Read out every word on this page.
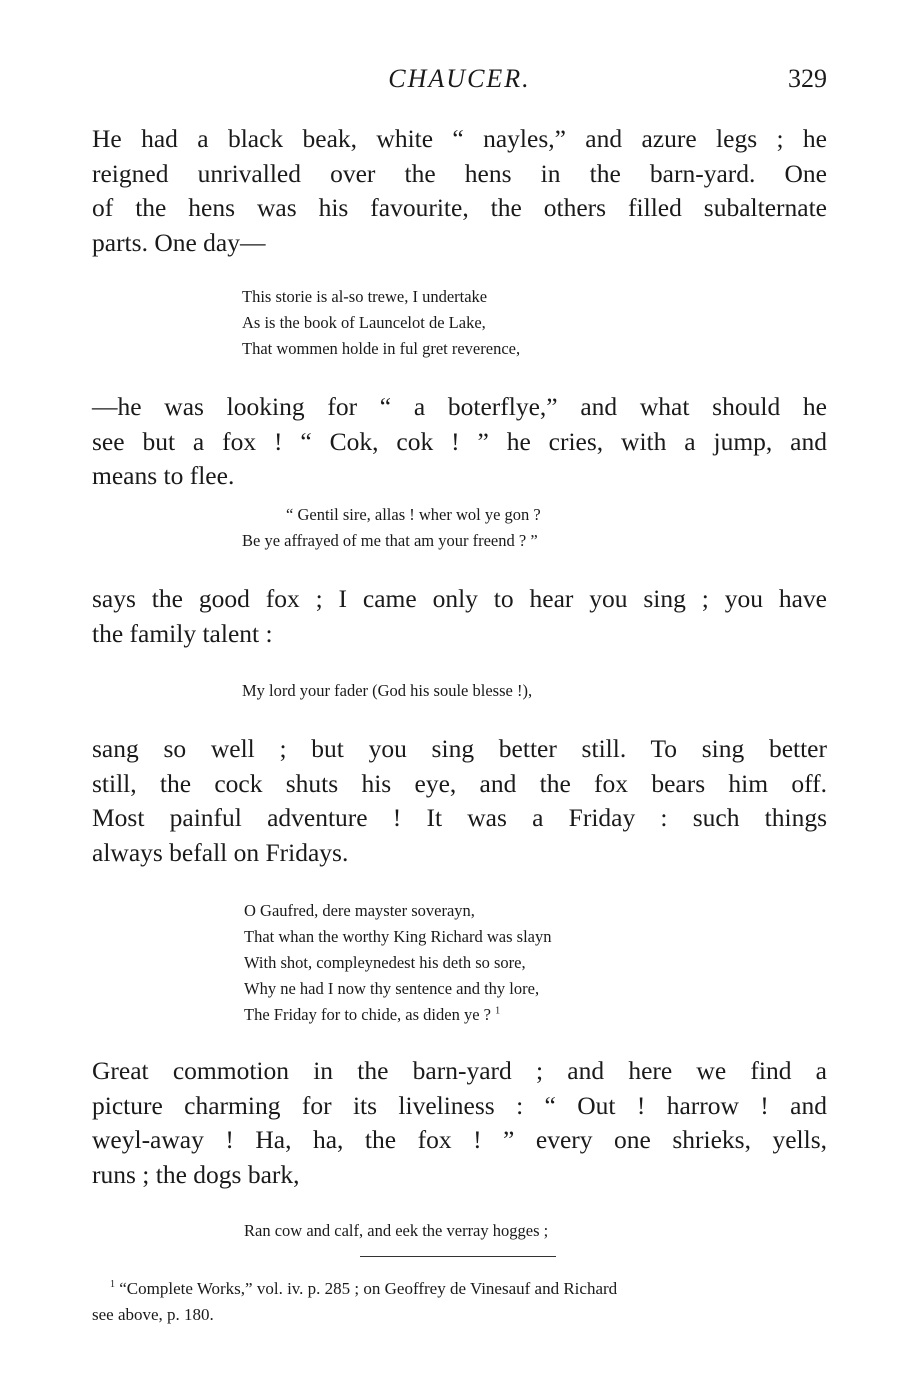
CHAUCER.	329

He had a black beak, white “ nayles,” and azure legs ; he
reigned unrivalled over the hens in the barn-yard. One
of the hens was his favourite, the others filled subalternate
parts. One day—

This storie is al-so trewe, I undertake
As is the book of Launcelot de Lake,
That wommen holde in ful gret reverence,

—he was looking for “ a boterflye,” and what should he
see but a fox ! “ Cok, cok ! ” he cries, with a jump, and
means to flee.

“ Gentil sire, allas ! wher wol ye gon ?
Be ye affrayed of me that am your freend ? ”

says the good fox ; I came only to hear you sing ; you have
the family talent :

My lord your fader (God his soule blesse !),

sang so well ; but you sing better still. To sing better
still, the cock shuts his eye, and the fox bears him off.
Most painful adventure ! It was a Friday : such things
always befall on Fridays.

O Gaufred, dere mayster soverayn,
That whan the worthy King Richard was slayn
With shot, compleynedest his deth so sore,
Why ne had I now thy sentence and thy lore,
The Friday for to chide, as diden ye ? $^1$

Great commotion in the barn-yard ; and here we find a
picture charming for its liveliness : “ Out ! harrow ! and
weyl-away ! Ha, ha, the fox ! ” every one shrieks, yells,
runs ; the dogs bark,

Ran cow and calf, and eek the verray hogges ;
$^1$ “Complete Works,” vol. iv. p. 285 ; on Geoffrey de Vinesauf and Richard
see above, p. 180.
